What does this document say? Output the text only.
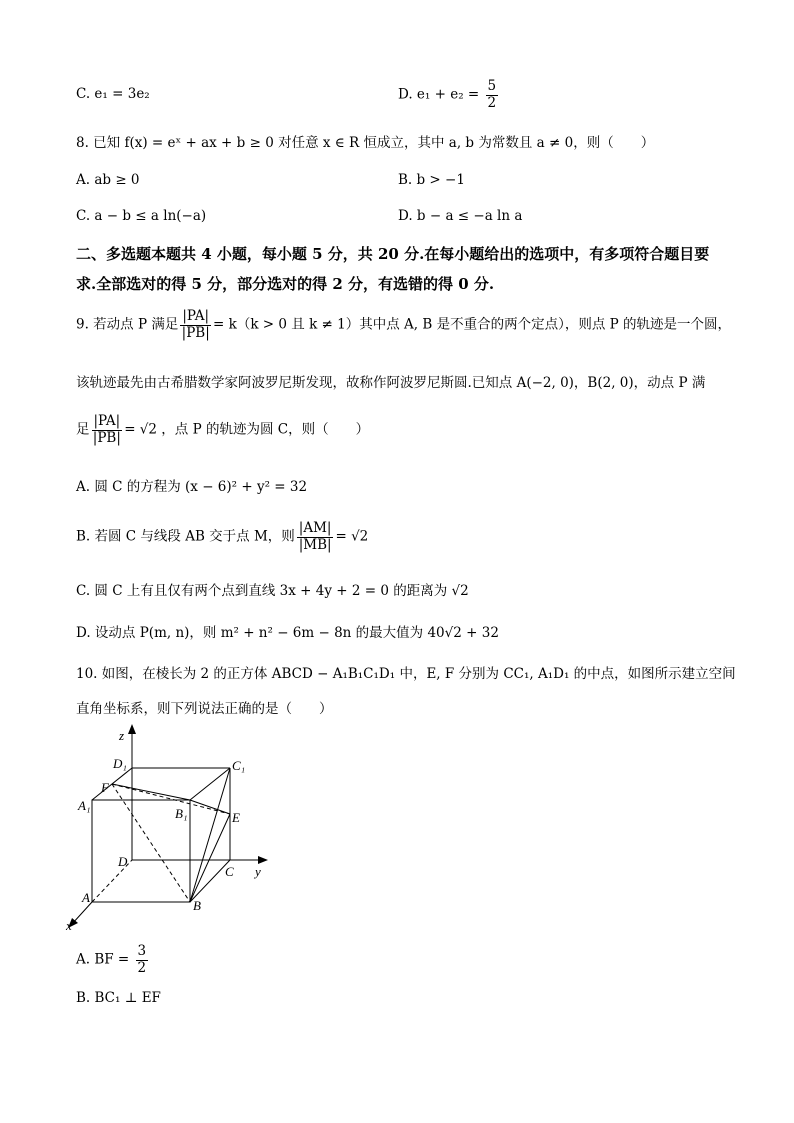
C. e₁ = 3e₂	D. $e_1 + e_2 = \frac{5}{2}$
8. 已知 f(x) = eˣ + ax + b ≥ 0 对任意 x ∈ R 恒成立，其中 a, b 为常数且 a ≠ 0，则（　　）
A. ab ≥ 0	B. b > −1
C. a − b ≤ a ln(−a)	D. b − a ≤ −a ln a
二、多选题本题共 4 小题，每小题 5 分，共 20 分.在每小题给出的选项中，有多项符合题目要
求.全部选对的得 5 分，部分选对的得 2 分，有选错的得 0 分.
9. 若动点 P 满足 $\frac{|PA|}{|PB|} = k(k > 0$ 且 k ≠ 1）其中点 A, B 是不重合的两个定点），则点 P 的轨迹是一个圆，
该轨迹最先由古希腊数学家阿波罗尼斯发现，故称作阿波罗尼斯圆.已知点 A(−2, 0)，B(2, 0)，动点 P 满
足 $\frac{|PA|}{|PB|} = √2$ ，点 P 的轨迹为圆 C，则（　　）
A. 圆 C 的方程为 (x − 6)² + y² = 32
B. 若圆 C 与线段 AB 交于点 M，则 $\frac{|AM|}{|MB|} = √2$
C. 圆 C 上有且仅有两个点到直线 3x + 4y + 2 = 0 的距离为 √2
D. 设动点 P(m, n)，则 m² + n² − 6m − 8n 的最大值为 40√2 + 32
10. 如图，在棱长为 2 的正方体 ABCD − A₁B₁C₁D₁ 中，E, F 分别为 CC₁, A₁D₁ 的中点，如图所示建立空间
直角坐标系，则下列说法正确的是（　　）
z
x
y
D₁	C₁
F
A₁
B₁	E
D
C
A
B
A. BF = $\frac{3}{2}$
B. BC₁ ⊥ EF
